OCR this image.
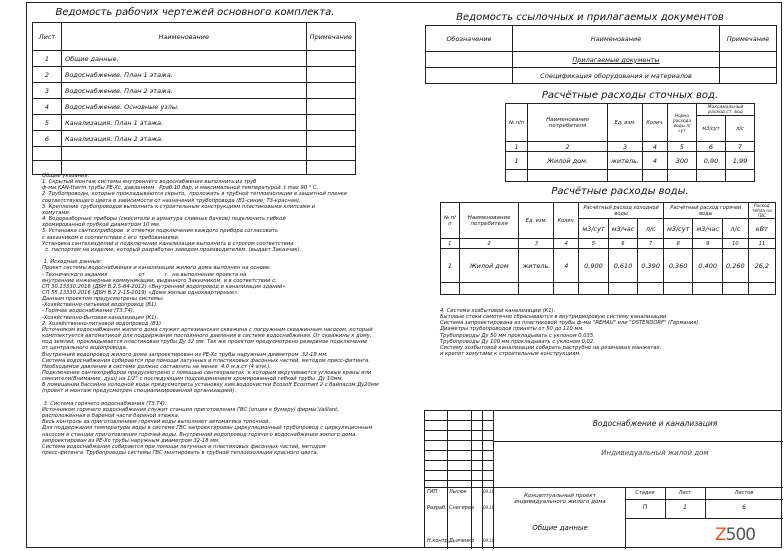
Ведомость рабочих чертежей основного комплекта.
Лист	Наименование	Примечание
1	Общие данные.	
2	Водоснабжение. План 1 этажа.	
3	Водоснабжение. План 2 этажа.	
4	Водоснабжение. Основные узлы.	
5	Канализация. План 1 этажа.	
6	Канализация. План 2 этажа.	

Общие указания:
1. Скрытый монтаж системы внутреннего водоснабжения выполнить из труб
ф-мы KAN-therm трубы PE-Xc, давлением   Рраб.10 бар, и максимальной температурой  t max 90 ° C.
2. Трубопроводы, которые прокладываются скрыто,  проложить в трубной теплоизоляции в защитной пленке
соответствующего цвета в зависимости от назначения трубопровода (В1-синие; Т3-красная).
3. Крепление трубопроводов выполнить к строительным конструкциям пластиковыми клипсами и
хомутами.
4. Водоразборные приборы (смесители и арматура сливных бачков) подключить гибкой
хромированной трубкой диаметром 10 мм.
5. Установка сантехприборов  и отметки подключения каждого прибора согласовать
с заказчиком в соответствии с его требованиями.
Установка сантехизделий и подключение канализации выполнить в строгом соответствии
с  паспортом на изделие, который разработан заводом производителем. (выдает Заказчик).

1. Исходные данные:
Проект системы водоснабжения и канализации жилого дома выполнен на основе:
- Технического задания                   от            г.  на выполнение проекта на
внутренние инженерные коммуникации, выданного Заказчиком, и в соответствии с:
СП 30.13330.2016 (ДБН В.2.5-64-2012) «Внутренний водопровод и канализация зданий»
СП 55.13330.2016 (ДБН В.2.2-15-2019) «Дома жилые одноквартирные».
Данным проектом предусмотрены системы:
-Хозяйственно-питьевой водопровод (В1).
- Горячее водоснабжение (Т3,Т4).
-Хозяйственно-бытовая канализация (К1).
2. Хозяйственно-питьевой водопровод (В1)
Источником водоснабжения жилого дома служит артезианская скважина с погружным скважинным насосом, который
комплектуется автоматикой для поддержания постоянного давления в системе водоснабжения. От скважины к дому,
под землей, прокладывается пластиковая трубы Ду 32 мм. Так же проектом предусмотрено резервное подключение
от центрального водопровода.
Внутренний водопровод жилого дома запроектирован из PE-Xc трубы наружным диаметром  32-18 мм.
Система водоснабжения собирается при помощи латунных и пластиковых фасонных частей, методом пресс-фитинга.
Необходимое давление в системе должно составлять не менее  4.0 м.в.ст (4 атм.).
Подключение сантехприборов предусмотрено с помощью сантехразеток  к которым вкручиваются угловые краны или
смесители(Внимание, душ) на 1/2" с последующим подсоединением хромированной гибкой трубы  Ду 10мм.
В помещении бассейна холодной воды предусмотреть установку хим.водоочистки Ecosoft Ecosmart 2 с байпасом Ду20мм
(проект и монтаж предусмотрен специализированной организацией).

3. Система горячего водоснабжения (Т3,Т4).
Источником горячего водоснабжения служит станция приготовления ГВС (опция к бумеру) фирмы Vaillant,
расположенная в бареной части бареной этажка.
Весь контроль за приготовлением горячей воды выполняет автоматика топочной.
Для поддержания температуры воды в системе ГВС запроектирован циркуляционный трубопровод с циркуляционным
насосом в станции приготовления горячей воды. Внутренний водопровод горячего водоснабжения жилого дома,
запроектирован из PE-Xc трубы наружным диаметром 32-18 мм.
Система водоснабжения собирается при помощи латунных и пластиковых фасонных частей, методом
пресс-фитинга. Трубопроводы системы ГВС монтировать в трубной теплоизоляции красного цвета.
Ведомость ссылочных и прилагаемых документов
Обозначение	Наименование	Примечание
	Прилагаемые документы	
	Спецификация оборудования и материалов	
Расчётные расходы сточных вод.
№ п/п	Наименование потребителя	Ед. изм.	Колич.	Норма расхода воды л/сут	Максимальный расход ст. вод	
					м3/сут	л/с
1	2	3	4	5	6	7
1	Жилой дом.	житель.	4	300	0,90	1,99

Расчётные расходы воды.
№ п/п	Наименование потребителя	Ед. изм.	Колич.	Расчётный расход холодной воды			Расчётный расход горячей воды			Расход тепла на ГВС
				м3/сут	м3/час	л/с	м3/сут	м3/час	л/с	кВт
1	2	3	4	5	6	7	8	9	10	11
1	Жилой дом	житель.	4	0,900	0,610	0,390	0,360	0,400	0,260	26,2

4. Система хозбытовой канализации (К1).
Бытовые стоки самотечно сбрасываются в внутридворовую систему канализации.
Система запроектирована из пластиковой трубы ф-мы "REHAU" или "OSTENDORF" (Германия).
Диаметры трубопроводов приняты от 50 до 110 мм.
Трубопроводы Ду 50 мм прокладывать с уклоном 0,035.
Трубопроводы Ду 100 мм прокладывать с уклоном 0,02.
Систему хозбытовой канализации собирать раструбно на резиновых манжетах,
и крепят хомутами к строительным конструкциям.
Водоснабжение и канализация
Индивидуальный жилой дом
ГИП Лысюк	09.18
Разраб. Снегирев 09.18
Н.контр. Дьяченко 09.18
Концептуальный проект
индивидуального жилого дома
Общие данные
Стадия	Лист	Листов
П	1	6
Z500
